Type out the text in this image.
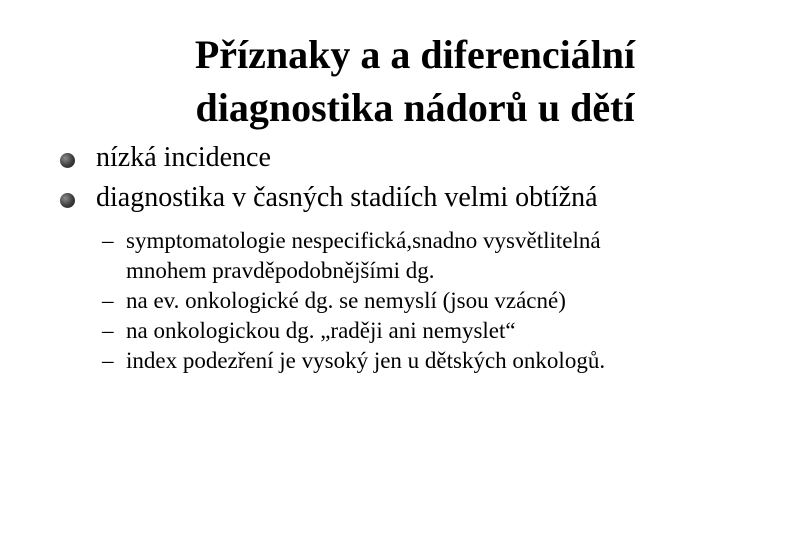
Příznaky a a diferenciální
diagnostika nádorů u dětí
nízká incidence
diagnostika v časných stadiích velmi obtížná
– symptomatologie nespecifická,snadno vysvětlitelná
mnohem pravděpodobnějšími dg.
– na ev. onkologické dg. se nemyslí (jsou vzácné)
– na onkologickou dg. „raději ani nemyslet“
– index podezření je vysoký jen u dětských onkologů.
